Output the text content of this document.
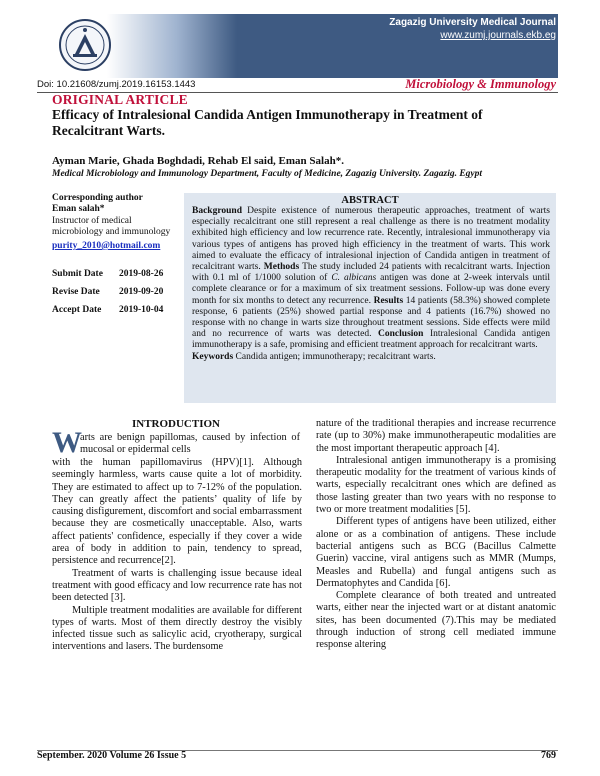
Zagazig University Medical Journal
www.zumj.journals.ekb.eg
Doi: 10.21608/zumj.2019.16153.1443	Microbiology & Immunology
ORIGINAL ARTICLE
Efficacy of Intralesional Candida Antigen Immunotherapy in Treatment of Recalcitrant Warts.
Ayman Marie, Ghada Boghdadi, Rehab El said, Eman Salah*.
Medical Microbiology and Immunology Department, Faculty of Medicine, Zagazig University. Zagazig. Egypt
Corresponding author
Eman salah*
Instructor of medical microbiology and immunology
purity_2010@hotmail.com
Submit Date 2019-08-26
Revise Date 2019-09-20
Accept Date 2019-10-04
ABSTRACT
Background Despite existence of numerous therapeutic approaches, treatment of warts especially recalcitrant one still represent a real challenge as there is no treatment modality exhibited high efficiency and low recurrence rate. Recently, intralesional immunotherapy via various types of antigens has proved high efficiency in the treatment of warts. This work aimed to evaluate the efficacy of intralesional injection of Candida antigen in treatment of recalcitrant warts. Methods The study included 24 patients with recalcitrant warts. Injection with 0.1 ml of 1/1000 solution of C. albicans antigen was done at 2-week intervals until complete clearance or for a maximum of six treatment sessions. Follow-up was done every month for six months to detect any recurrence. Results 14 patients (58.3%) showed complete response, 6 patients (25%) showed partial response and 4 patients (16.7%) showed no response with no change in warts size throughout treatment sessions. Side effects were mild and no recurrence of warts was detected. Conclusion Intralesional Candida antigen immunotherapy is a safe, promising and efficient treatment approach for recalcitrant warts.
Keywords Candida antigen; immunotherapy; recalcitrant warts.
INTRODUCTION
W
arts are benign papillomas, caused by infection of mucosal or epidermal cells

with the human papillomavirus (HPV)[1]. Although seemingly harmless, warts cause quite a lot of morbidity. They are estimated to affect up to 7-12% of the population. They can greatly affect the patients’ quality of life by causing disfigurement, discomfort and social embarrassment because they are cosmetically unacceptable. Also, warts affect patients' confidence, especially if they cover a wide area of body in addition to pain, tendency to spread, persistence and recurrence[2].

Treatment of warts is challenging issue because ideal treatment with good efficacy and low recurrence rate has not been detected [3].

Multiple treatment modalities are available for different types of warts. Most of them directly destroy the visibly infected tissue such as salicylic acid, cryotherapy, surgical interventions and lasers. The burdensome

nature of the traditional therapies and increase recurrence rate (up to 30%) make immunotherapeutic modalities are the most important therapeutic approach [4].

Intralesional antigen immunotherapy is a promising therapeutic modality for the treatment of various kinds of warts, especially recalcitrant ones which are defined as those lasting greater than two years with no response to two or more treatment modalities [5].

Different types of antigens have been utilized, either alone or as a combination of antigens. These include bacterial antigens such as BCG (Bacillus Calmette Guerin) vaccine, viral antigens such as MMR (Mumps, Measles and Rubella) and fungal antigens such as Dermatophytes and Candida [6].

Complete clearance of both treated and untreated warts, either near the injected wart or at distant anatomic sites, has been documented (7).This may be mediated through induction of strong cell mediated immune response altering

September. 2020 Volume 26 Issue 5	769
